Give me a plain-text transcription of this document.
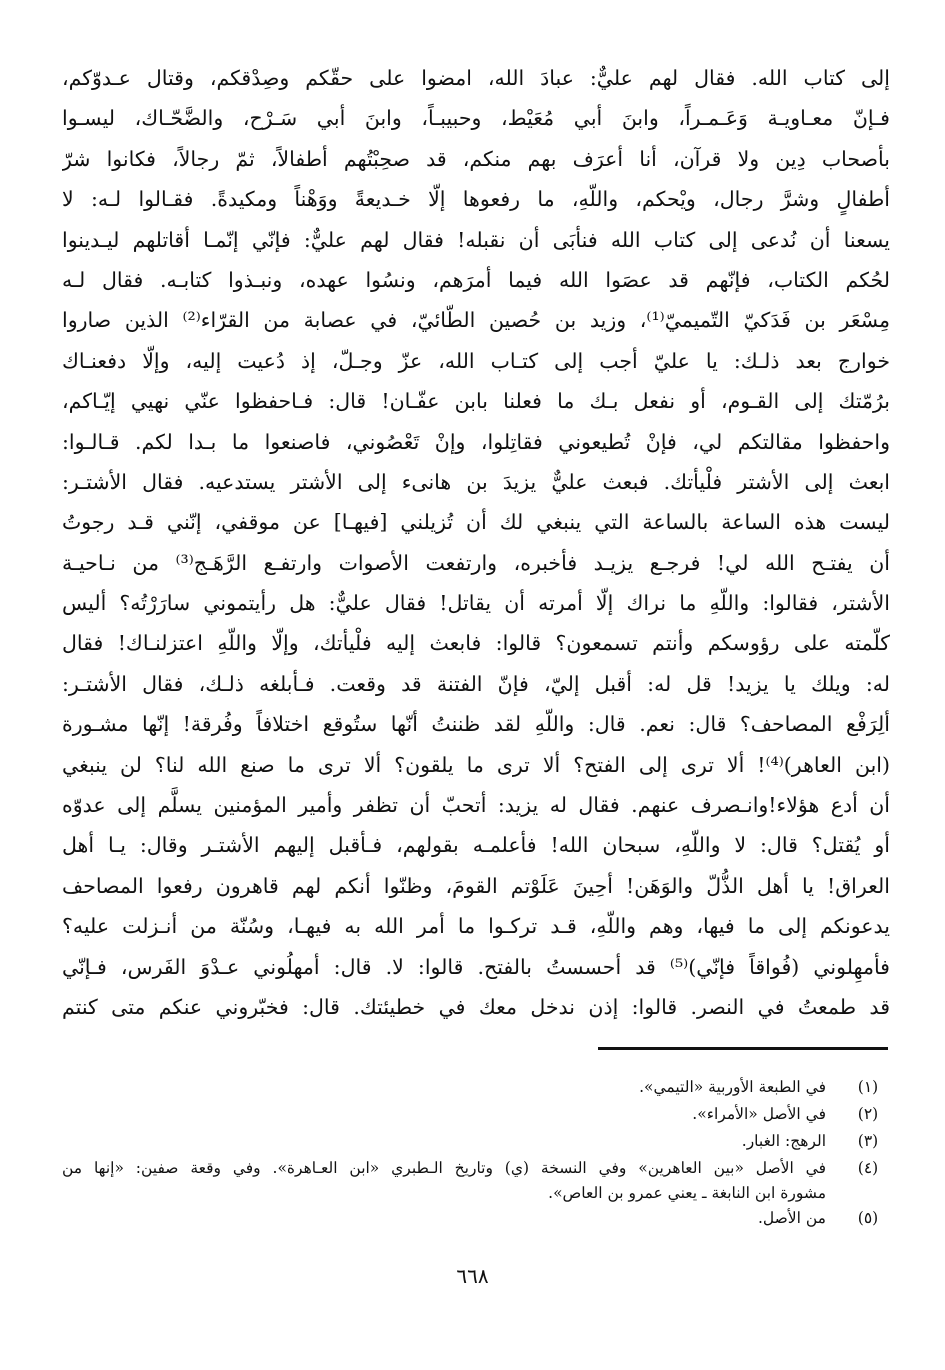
إلى كتاب الله. فقال لهم عليٌّ: عبادَ الله، امضوا على حقّكم وصِدْقكم، وقتال عـدوّكم،
فـإنّ معـاويـة وَعَـمـراً، وابنَ أبي مُعَيْط، وحبيبـاً، وابنَ أبي سَـرْح، والضَّحّـاك، ليسـوا
بأصحاب دِين ولا قرآن، أنا أعرَف بهم منكم، قد صحِبْتُهم أطفالاً، ثمّ رجالاً، فكانوا شرّ
أطفالٍ وشرَّ رجال، ويْحكم، واللّهِ، ما رفعوها إلّا خـديعةً ووَهْناً ومكيدةً. فقـالوا لـه: لا
يسعنا أن نُدعى إلى كتاب الله فنأبَى أن نقبله! فقال لهم عليٌّ: فإنّي إنّمـا أقاتلهم ليـدينوا
لحُكم الكتاب، فإنّهم قد عصَوا الله فيما أمرَهم، ونسُوا عهده، ونبـذوا كتابـه. فقال لـه
مِسْعَر بن فَدَكيّ التّميميّ⁽¹⁾، وزيد بن حُصين الطّائيّ، في عصابة من القرّاء⁽²⁾ الذين صاروا
خوارج بعد ذلـك: يا عليّ أجب إلى كتـاب الله، عزّ وجـلّ، إذ دُعيت إليه، وإلّا دفعنـاك
برُمّتك إلى القـوم، أو نفعل بـك ما فعلنا بابن عفّـان! قال: فـاحفظوا عنّي نهيي إيّـاكم،
واحفظوا مقالتكم لي، فإنْ تُطيعوني فقاتِلوا، وإنْ تَعْصُوني، فاصنعوا ما بـدا لكم. قـالـوا:
ابعث إلى الأشتر فلْيأتك. فبعث عليٌّ يزيدَ بن هانىء إلى الأشتر يستدعيه. فقال الأشتـر:
ليست هذه الساعة بالساعة التي ينبغي لك أن تُزيلني [فيهـا] عن موقفي، إنّني قـد رجوتُ
أن يفتـح الله لي! فرجـع يزيـد فأخبره، وارتفعت الأصوات وارتفـع الرَّهَـج⁽³⁾ من نـاحيـة
الأشتر، فقالوا: واللّهِ ما نراك إلّا أمرته أن يقاتل! فقال عليٌّ: هل رأيتموني سارَرْتُه؟ أليس
كلّمته على رؤوسكم وأنتم تسمعون؟ قالوا: فابعث إليه فلْيأتك، وإلّا واللّهِ اعتزلنـاك! فقال
له: ويلك يا يزيد! قل له: أقبل إليّ، فإنّ الفتنة قد وقعت. فـأبلغه ذلـك، فقال الأشتـر:
ألِرَفْع المصاحف؟ قال: نعم. قال: واللّهِ لقد ظننتُ أنّها ستُوقع اختلافاً وفُرقة! إنّها مشـورة
(ابن العاهر)⁽⁴⁾! ألا ترى إلى الفتح؟ ألا ترى ما يلقون؟ ألا ترى ما صنع الله لنا؟ لن ينبغي
أن أدع هؤلاء!وانـصرف عنهم. فقال له يزيد: أتحبّ أن تظفر وأمير المؤمنين يسلَّم إلى عدوّه
أو يُقتل؟ قال: لا واللّهِ، سبحان الله! فأعلمـه بقولهم، فـأقبل إليهم الأشتـر وقال: يـا أهل
العراق! يا أهل الذُّلّ والوَهَن! أحِينَ عَلَوْتم القومَ، وظنّوا أنكم لهم قاهرون رفعوا المصاحف
يدعونكم إلى ما فيها، وهم واللّهِ، قـد تركـوا ما أمر الله به فيهـا، وسُنّة من أنـزلت عليه؟
فأمهِلوني (فُواقاً فإنّي)⁽⁵⁾ قد أحسستُ بالفتح. قالوا: لا. قال: أمهلُوني عـدْوَ الفَرس، فـإنّي
قد طمعتُ في النصر. قالوا: إذن ندخل معك في خطيئتك. قال: فخبّروني عنكم متى كنتم
(١)
في الطبعة الأوربية «التيمي».
(٢)
في الأصل «الأمراء».
(٣)
الرهج: الغبار.
(٤)
في الأصل «بين العاهرين» وفي النسخة (ي) وتاريخ الـطبري «ابن العـاهرة». وفي وقعة صفين: «إنها من
مشورة ابن النابغة ـ يعني عمرو بن العاص».
(٥)
من الأصل.
٦٦٨
